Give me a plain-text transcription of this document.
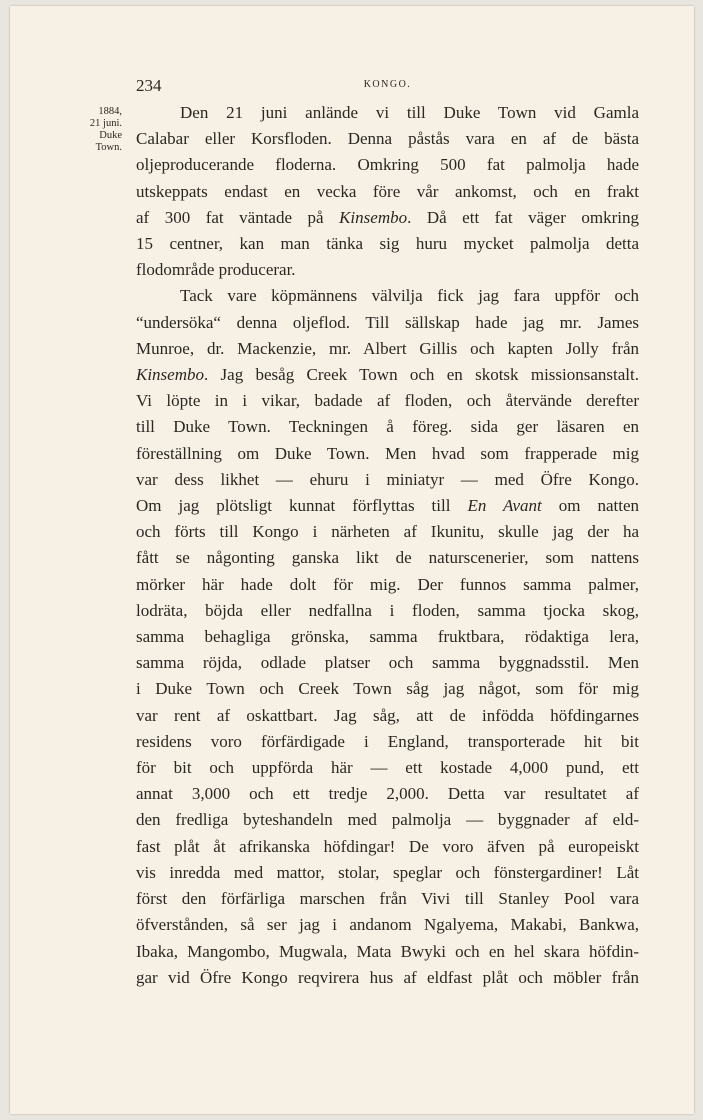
234	KONGO.
1884,
21 juni.
Duke
Town.
Den 21 juni anlände vi till Duke Town vid Gamla
Calabar eller Korsfloden. Denna påstås vara en af de bästa
oljeproducerande floderna. Omkring 500 fat palmolja hade
utskeppats endast en vecka före vår ankomst, och en frakt
af 300 fat väntade på Kinsembo. Då ett fat väger omkring
15 centner, kan man tänka sig huru mycket palmolja detta
flodområde producerar.
Tack vare köpmännens välvilja fick jag fara uppför och
“undersöka“ denna oljeflod. Till sällskap hade jag mr. James
Munroe, dr. Mackenzie, mr. Albert Gillis och kapten Jolly från
Kinsembo. Jag besåg Creek Town och en skotsk missionsanstalt.
Vi löpte in i vikar, badade af floden, och återvände derefter
till Duke Town. Teckningen å föreg. sida ger läsaren en
föreställning om Duke Town. Men hvad som frapperade mig
var dess likhet — ehuru i miniatyr — med Öfre Kongo.
Om jag plötsligt kunnat förflyttas till En Avant om natten
och förts till Kongo i närheten af Ikunitu, skulle jag der ha
fått se någonting ganska likt de naturscenerier, som nattens
mörker här hade dolt för mig. Der funnos samma palmer,
lodräta, böjda eller nedfallna i floden, samma tjocka skog,
samma behagliga grönska, samma fruktbara, rödaktiga lera,
samma röjda, odlade platser och samma byggnadsstil. Men
i Duke Town och Creek Town såg jag något, som för mig
var rent af oskattbart. Jag såg, att de infödda höfdingarnes
residens voro förfärdigade i England, transporterade hit bit
för bit och uppförda här — ett kostade 4,000 pund, ett
annat 3,000 och ett tredje 2,000. Detta var resultatet af
den fredliga byteshandeln med palmolja — byggnader af eld-
fast plåt åt afrikanska höfdingar! De voro äfven på europeiskt
vis inredda med mattor, stolar, speglar och fönstergardiner! Låt
först den förfärliga marschen från Vivi till Stanley Pool vara
öfverstånden, så ser jag i andanom Ngalyema, Makabi, Bankwa,
Ibaka, Mangombo, Mugwala, Mata Bwyki och en hel skara höfdin-
gar vid Öfre Kongo reqvirera hus af eldfast plåt och möbler från
